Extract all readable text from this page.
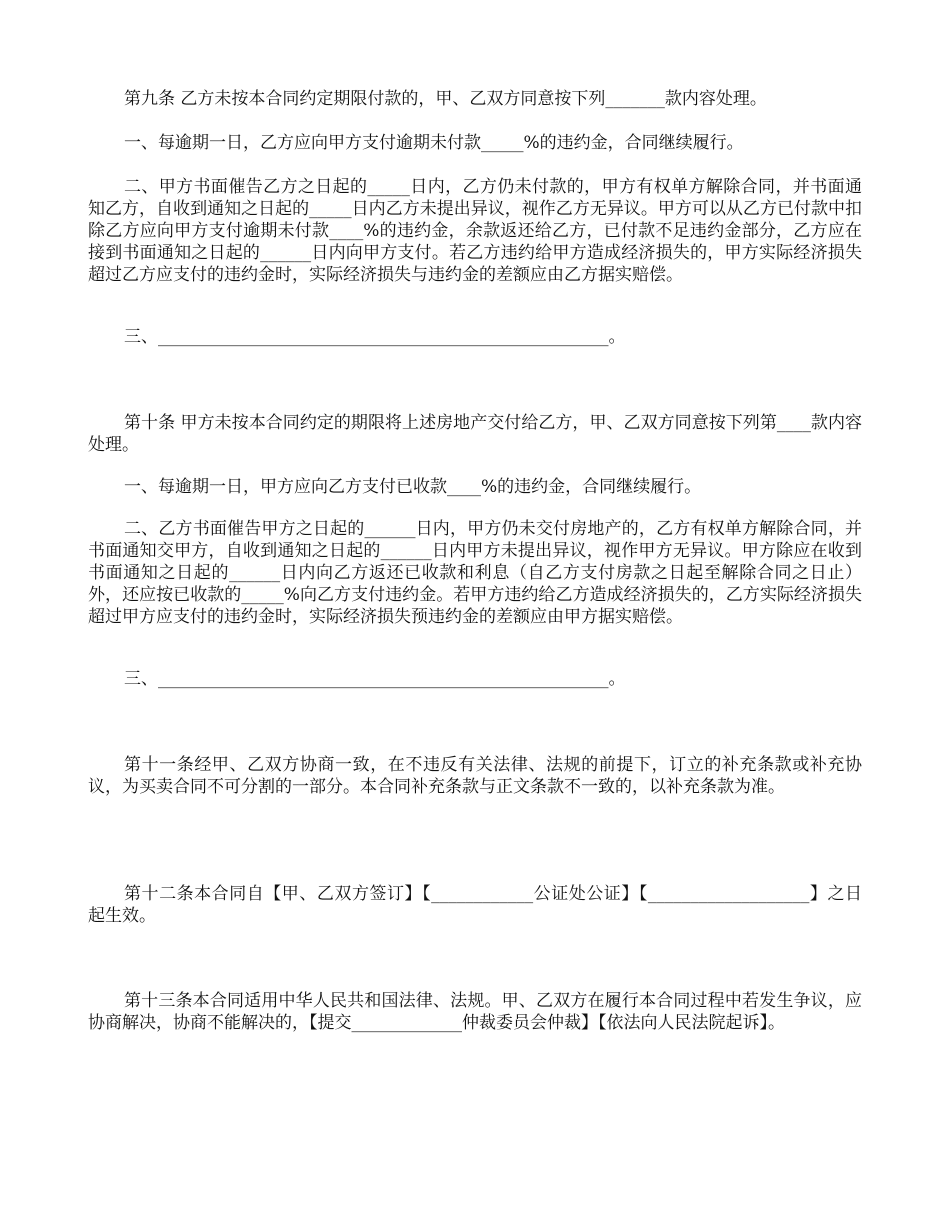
第九条 乙方未按本合同约定期限付款的，甲、乙双方同意按下列_______款内容处理。

一、每逾期一日，乙方应向甲方支付逾期未付款_____%的违约金，合同继续履行。

二、甲方书面催告乙方之日起的_____日内，乙方仍未付款的，甲方有权单方解除合同，并书面通知乙方，自收到通知之日起的_____日内乙方未提出异议，视作乙方无异议。甲方可以从乙方已付款中扣除乙方应向甲方支付逾期未付款____%的违约金，余款返还给乙方，已付款不足违约金部分，乙方应在接到书面通知之日起的______日内向甲方支付。若乙方违约给甲方造成经济损失的，甲方实际经济损失超过乙方应支付的违约金时，实际经济损失与违约金的差额应由乙方据实赔偿。

三、_____________________________________________________。

第十条 甲方未按本合同约定的期限将上述房地产交付给乙方，甲、乙双方同意按下列第____款内容处理。

一、每逾期一日，甲方应向乙方支付已收款____%的违约金，合同继续履行。

二、乙方书面催告甲方之日起的______日内，甲方仍未交付房地产的，乙方有权单方解除合同，并书面通知交甲方，自收到通知之日起的______日内甲方未提出异议，视作甲方无异议。甲方除应在收到书面通知之日起的______日内向乙方返还已收款和利息（自乙方支付房款之日起至解除合同之日止）外，还应按已收款的_____%向乙方支付违约金。若甲方违约给乙方造成经济损失的，乙方实际经济损失超过甲方应支付的违约金时，实际经济损失预违约金的差额应由甲方据实赔偿。

三、_____________________________________________________。

第十一条经甲、乙双方协商一致，在不违反有关法律、法规的前提下，订立的补充条款或补充协议，为买卖合同不可分割的一部分。本合同补充条款与正文条款不一致的，以补充条款为准。

第十二条本合同自【甲、乙双方签订】【____________公证处公证】【___________________】之日起生效。

第十三条本合同适用中华人民共和国法律、法规。甲、乙双方在履行本合同过程中若发生争议，应协商解决，协商不能解决的，【提交_____________仲裁委员会仲裁】【依法向人民法院起诉】。
